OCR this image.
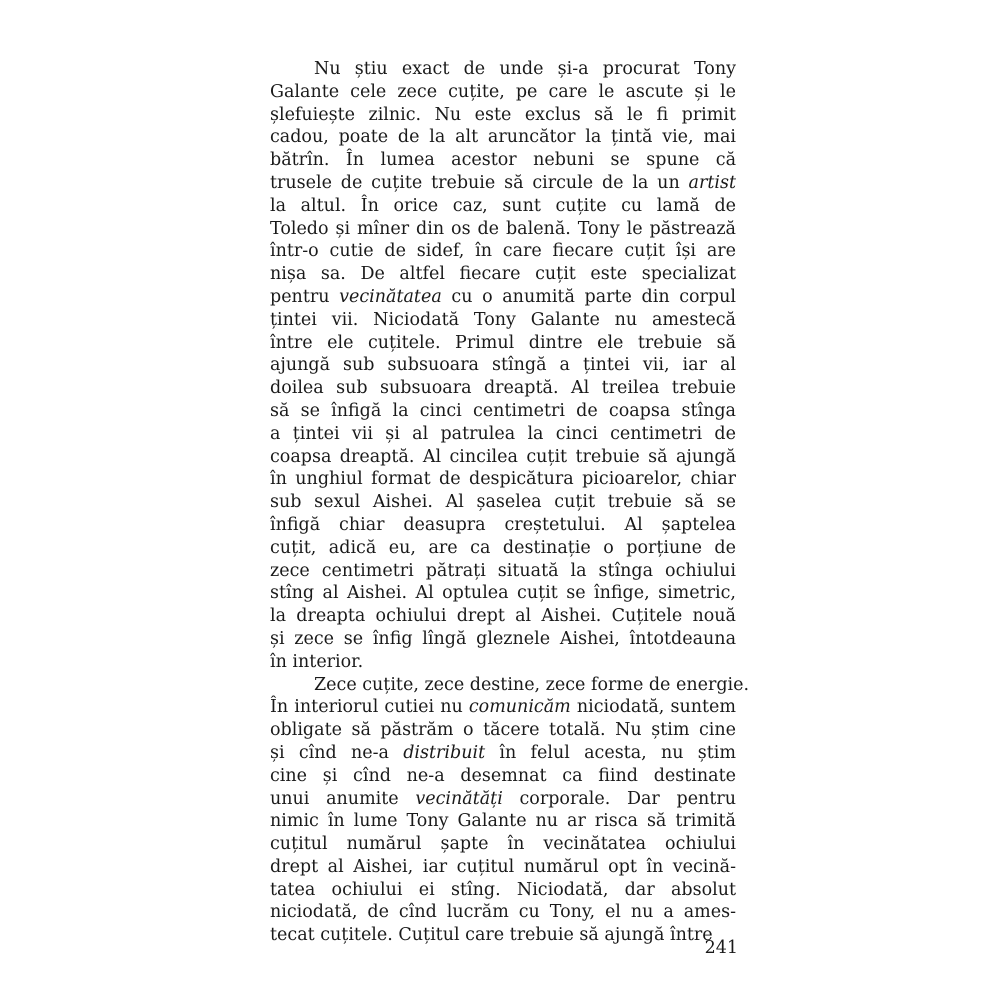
Nu știu exact de unde și-a procurat Tony
Galante cele zece cuțite, pe care le ascute și le
șlefuiește zilnic. Nu este exclus să le fi primit
cadou, poate de la alt aruncător la țintă vie, mai
bătrîn. În lumea acestor nebuni se spune că
trusele de cuțite trebuie să circule de la un artist
la altul. În orice caz, sunt cuțite cu lamă de
Toledo și mîner din os de balenă. Tony le păstrează
într-o cutie de sidef, în care fiecare cuțit își are
nișa sa. De altfel fiecare cuțit este specializat
pentru vecinătatea cu o anumită parte din corpul
țintei vii. Niciodată Tony Galante nu amestecă
între ele cuțitele. Primul dintre ele trebuie să
ajungă sub subsuoara stîngă a țintei vii, iar al
doilea sub subsuoara dreaptă. Al treilea trebuie
să se înfigă la cinci centimetri de coapsa stînga
a țintei vii și al patrulea la cinci centimetri de
coapsa dreaptă. Al cincilea cuțit trebuie să ajungă
în unghiul format de despicătura picioarelor, chiar
sub sexul Aishei. Al șaselea cuțit trebuie să se
înfigă chiar deasupra creștetului. Al șaptelea
cuțit, adică eu, are ca destinație o porțiune de
zece centimetri pătrați situată la stînga ochiului
stîng al Aishei. Al optulea cuțit se înfige, simetric,
la dreapta ochiului drept al Aishei. Cuțitele nouă
și zece se înfig lîngă gleznele Aishei, întotdeauna
în interior.
Zece cuțite, zece destine, zece forme de energie.
În interiorul cutiei nu comunicăm niciodată, suntem
obligate să păstrăm o tăcere totală. Nu știm cine
și cînd ne-a distribuit în felul acesta, nu știm
cine și cînd ne-a desemnat ca fiind destinate
unui anumite vecinătăți corporale. Dar pentru
nimic în lume Tony Galante nu ar risca să trimită
cuțitul numărul șapte în vecinătatea ochiului
drept al Aishei, iar cuțitul numărul opt în vecină-
tatea ochiului ei stîng. Niciodată, dar absolut
niciodată, de cînd lucrăm cu Tony, el nu a ames-
tecat cuțitele. Cuțitul care trebuie să ajungă între
241
